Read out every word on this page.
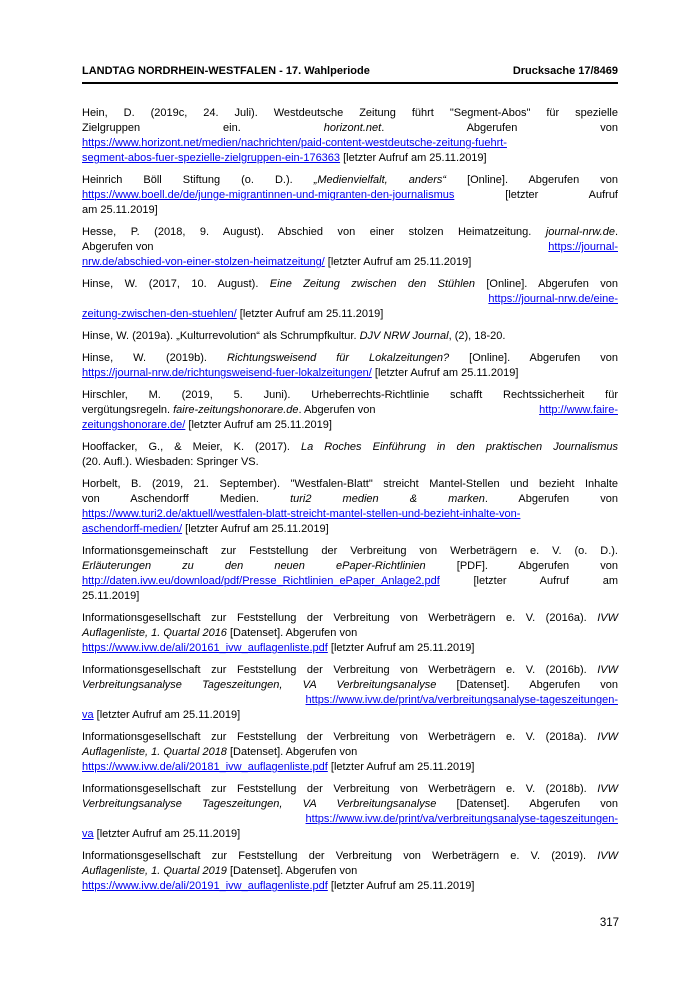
LANDTAG NORDRHEIN-WESTFALEN - 17. Wahlperiode	Drucksache 17/8469
Hein, D. (2019c, 24. Juli). Westdeutsche Zeitung führt "Segment-Abos" für spezielle
Zielgruppen ein. horizont.net. Abgerufen von
https://www.horizont.net/medien/nachrichten/paid-content-westdeutsche-zeitung-fuehrt-
segment-abos-fuer-spezielle-zielgruppen-ein-176363 [letzter Aufruf am 25.11.2019]
Heinrich Böll Stiftung (o. D.). „Medienvielfalt, anders“ [Online]. Abgerufen von
https://www.boell.de/de/junge-migrantinnen-und-migranten-den-journalismus [letzter Aufruf
am 25.11.2019]
Hesse, P. (2018, 9. August). Abschied von einer stolzen Heimatzeitung. journal-nrw.de.
Abgerufen von	https://journal-
nrw.de/abschied-von-einer-stolzen-heimatzeitung/ [letzter Aufruf am 25.11.2019]
Hinse, W. (2017, 10. August). Eine Zeitung zwischen den Stühlen [Online]. Abgerufen von
https://journal-nrw.de/eine-
zeitung-zwischen-den-stuehlen/ [letzter Aufruf am 25.11.2019]
Hinse, W. (2019a). „Kulturrevolution“ als Schrumpfkultur. DJV NRW Journal, (2), 18-20.
Hinse, W. (2019b). Richtungsweisend für Lokalzeitungen? [Online]. Abgerufen von
https://journal-nrw.de/richtungsweisend-fuer-lokalzeitungen/ [letzter Aufruf am 25.11.2019]
Hirschler, M. (2019, 5. Juni). Urheberrechts-Richtlinie schafft Rechtssicherheit für
vergütungsregeln. faire-zeitungshonorare.de. Abgerufen von	http://www.faire-
zeitungshonorare.de/ [letzter Aufruf am 25.11.2019]
Hooffacker, G., & Meier, K. (2017). La Roches Einführung in den praktischen Journalismus
(20. Aufl.). Wiesbaden: Springer VS.
Horbelt, B. (2019, 21. September). "Westfalen-Blatt" streicht Mantel-Stellen und bezieht Inhalte
von Aschendorff Medien. turi2 medien & marken. Abgerufen von
https://www.turi2.de/aktuell/westfalen-blatt-streicht-mantel-stellen-und-bezieht-inhalte-von-
aschendorff-medien/ [letzter Aufruf am 25.11.2019]
Informationsgemeinschaft zur Feststellung der Verbreitung von Werbeträgern e. V. (o. D.).
Erläuterungen zu den neuen ePaper-Richtlinien [PDF]. Abgerufen von
http://daten.ivw.eu/download/pdf/Presse_Richtlinien_ePaper_Anlage2.pdf [letzter Aufruf am
25.11.2019]
Informationsgesellschaft zur Feststellung der Verbreitung von Werbeträgern e. V. (2016a). IVW
Auflagenliste, 1. Quartal 2016 [Datenset]. Abgerufen von
https://www.ivw.de/ali/20161_ivw_auflagenliste.pdf [letzter Aufruf am 25.11.2019]
Informationsgesellschaft zur Feststellung der Verbreitung von Werbeträgern e. V. (2016b). IVW
Verbreitungsanalyse Tageszeitungen, VA Verbreitungsanalyse [Datenset]. Abgerufen von
https://www.ivw.de/print/va/verbreitungsanalyse-tageszeitungen-
va [letzter Aufruf am 25.11.2019]
Informationsgesellschaft zur Feststellung der Verbreitung von Werbeträgern e. V. (2018a). IVW
Auflagenliste, 1. Quartal 2018 [Datenset]. Abgerufen von
https://www.ivw.de/ali/20181_ivw_auflagenliste.pdf [letzter Aufruf am 25.11.2019]
Informationsgesellschaft zur Feststellung der Verbreitung von Werbeträgern e. V. (2018b). IVW
Verbreitungsanalyse Tageszeitungen, VA Verbreitungsanalyse [Datenset]. Abgerufen von
https://www.ivw.de/print/va/verbreitungsanalyse-tageszeitungen-
va [letzter Aufruf am 25.11.2019]
Informationsgesellschaft zur Feststellung der Verbreitung von Werbeträgern e. V. (2019). IVW
Auflagenliste, 1. Quartal 2019 [Datenset]. Abgerufen von
https://www.ivw.de/ali/20191_ivw_auflagenliste.pdf [letzter Aufruf am 25.11.2019]
317
